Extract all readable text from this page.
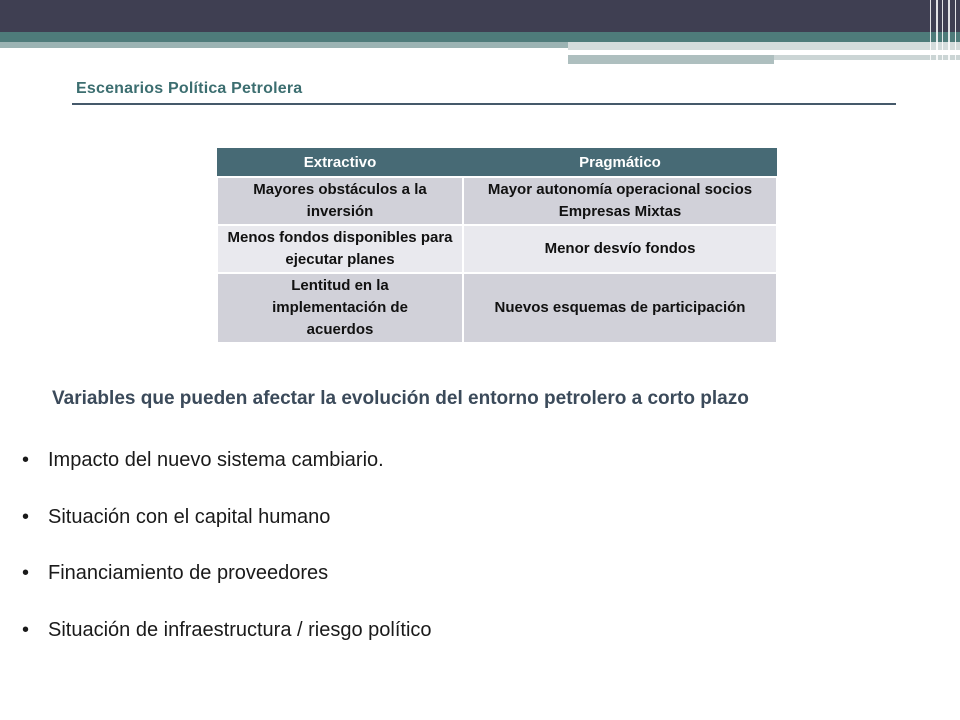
Escenarios Política Petrolera
Extractivo	Pragmático
Mayores obstáculos a la inversión	Mayor autonomía operacional socios Empresas Mixtas
Menos fondos disponibles para ejecutar planes	Menor desvío fondos
Lentitud en la implementación de acuerdos	Nuevos esquemas de participación
Variables que pueden afectar la evolución del entorno petrolero a corto plazo
• Impacto del nuevo sistema cambiario.
• Situación con el capital humano
• Financiamiento de proveedores
• Situación de infraestructura / riesgo político
